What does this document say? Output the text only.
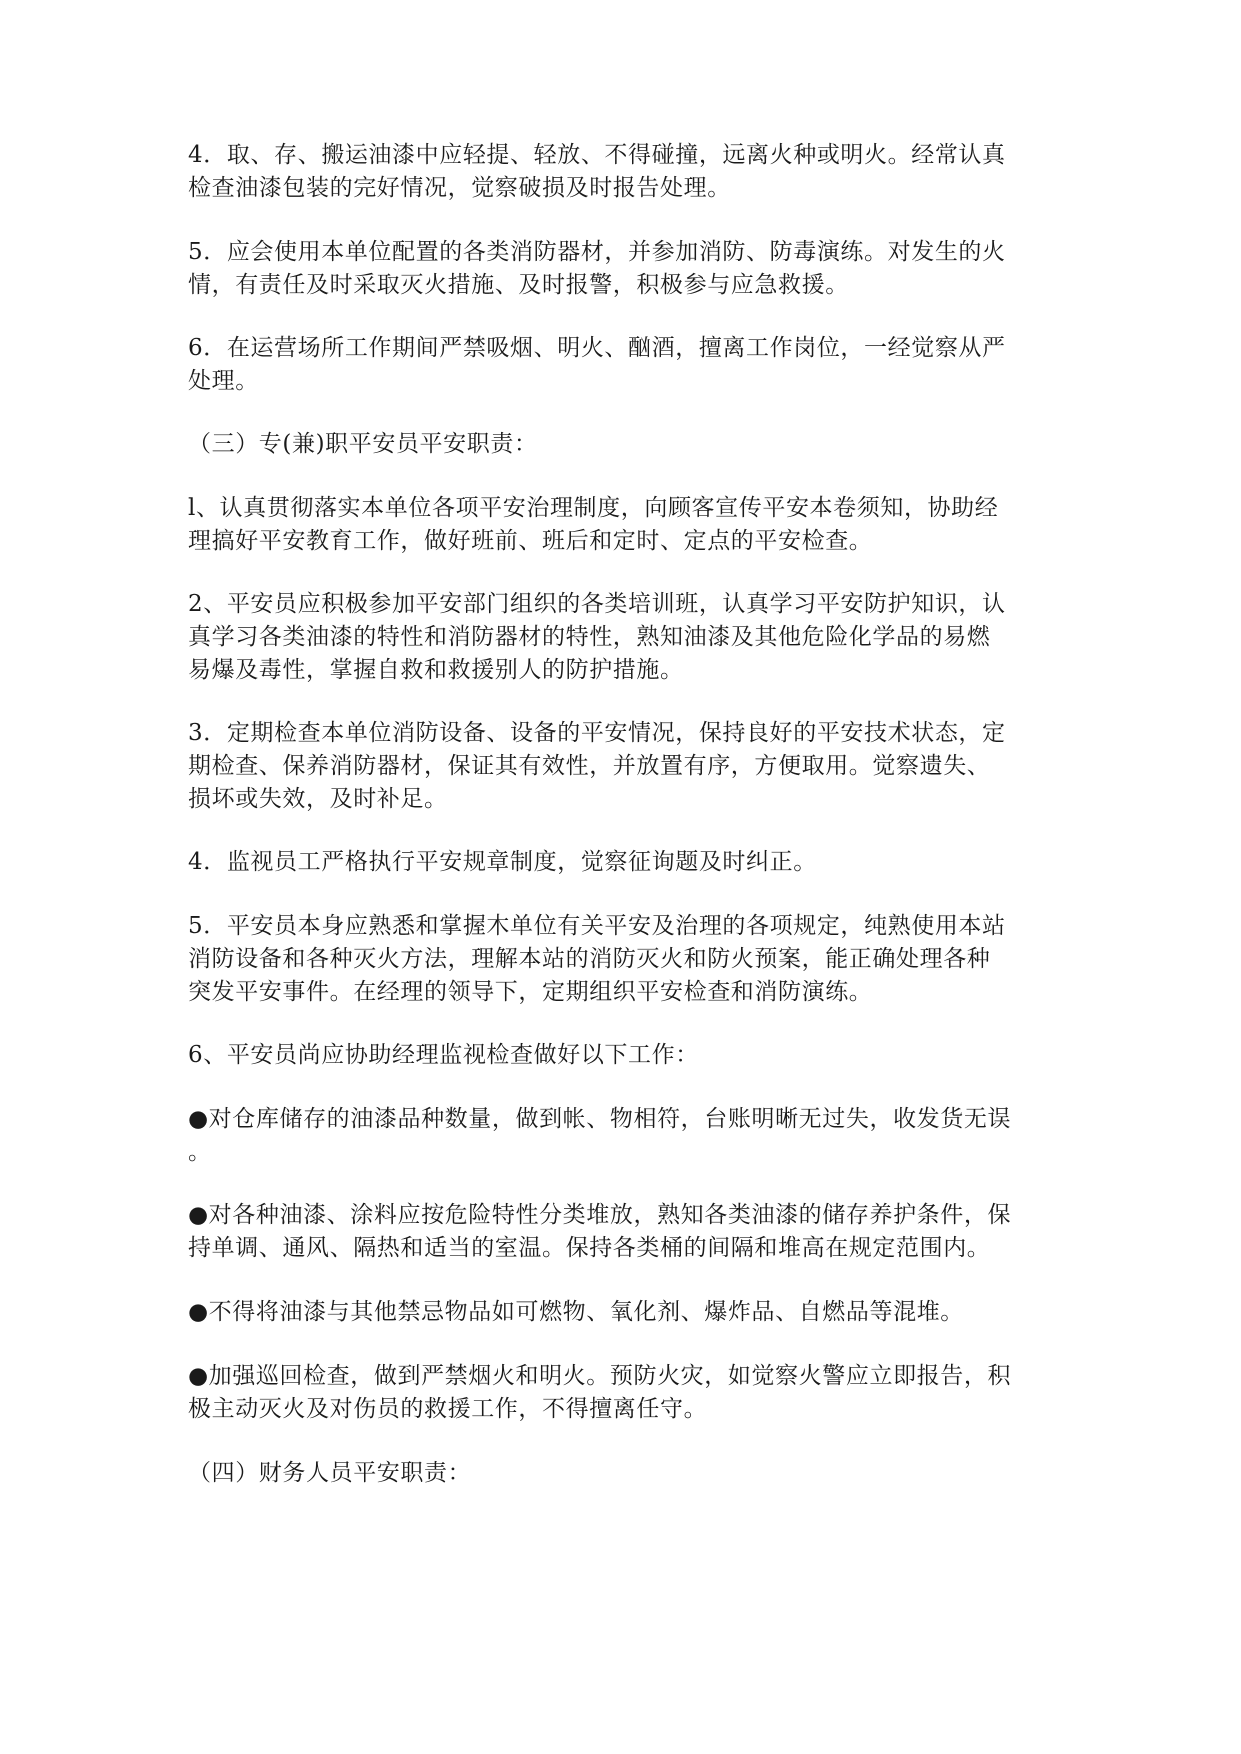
4．取、存、搬运油漆中应轻提、轻放、不得碰撞，远离火种或明火。经常认真
检查油漆包装的完好情况，觉察破损及时报告处理。

5．应会使用本单位配置的各类消防器材，并参加消防、防毒演练。对发生的火
情，有责任及时采取灭火措施、及时报警，积极参与应急救援。

6．在运营场所工作期间严禁吸烟、明火、酗酒，擅离工作岗位，一经觉察从严
处理。

（三）专(兼)职平安员平安职责：

l、认真贯彻落实本单位各项平安治理制度，向顾客宣传平安本卷须知，协助经
理搞好平安教育工作，做好班前、班后和定时、定点的平安检查。

2、平安员应积极参加平安部门组织的各类培训班，认真学习平安防护知识，认
真学习各类油漆的特性和消防器材的特性，熟知油漆及其他危险化学品的易燃
易爆及毒性，掌握自救和救援别人的防护措施。

3．定期检查本单位消防设备、设备的平安情况，保持良好的平安技术状态，定
期检查、保养消防器材，保证其有效性，并放置有序，方便取用。觉察遗失、
损坏或失效，及时补足。

4．监视员工严格执行平安规章制度，觉察征询题及时纠正。

5．平安员本身应熟悉和掌握木单位有关平安及治理的各项规定，纯熟使用本站
消防设备和各种灭火方法，理解本站的消防灭火和防火预案，能正确处理各种
突发平安事件。在经理的领导下，定期组织平安检查和消防演练。

6、平安员尚应协助经理监视检查做好以下工作：

●对仓库储存的油漆品种数量，做到帐、物相符，台账明晰无过失，收发货无误
。

●对各种油漆、涂料应按危险特性分类堆放，熟知各类油漆的储存养护条件，保
持单调、通风、隔热和适当的室温。保持各类桶的间隔和堆高在规定范围内。

●不得将油漆与其他禁忌物品如可燃物、氧化剂、爆炸品、自燃品等混堆。

●加强巡回检查，做到严禁烟火和明火。预防火灾，如觉察火警应立即报告，积
极主动灭火及对伤员的救援工作，不得擅离任守。

（四）财务人员平安职责：
